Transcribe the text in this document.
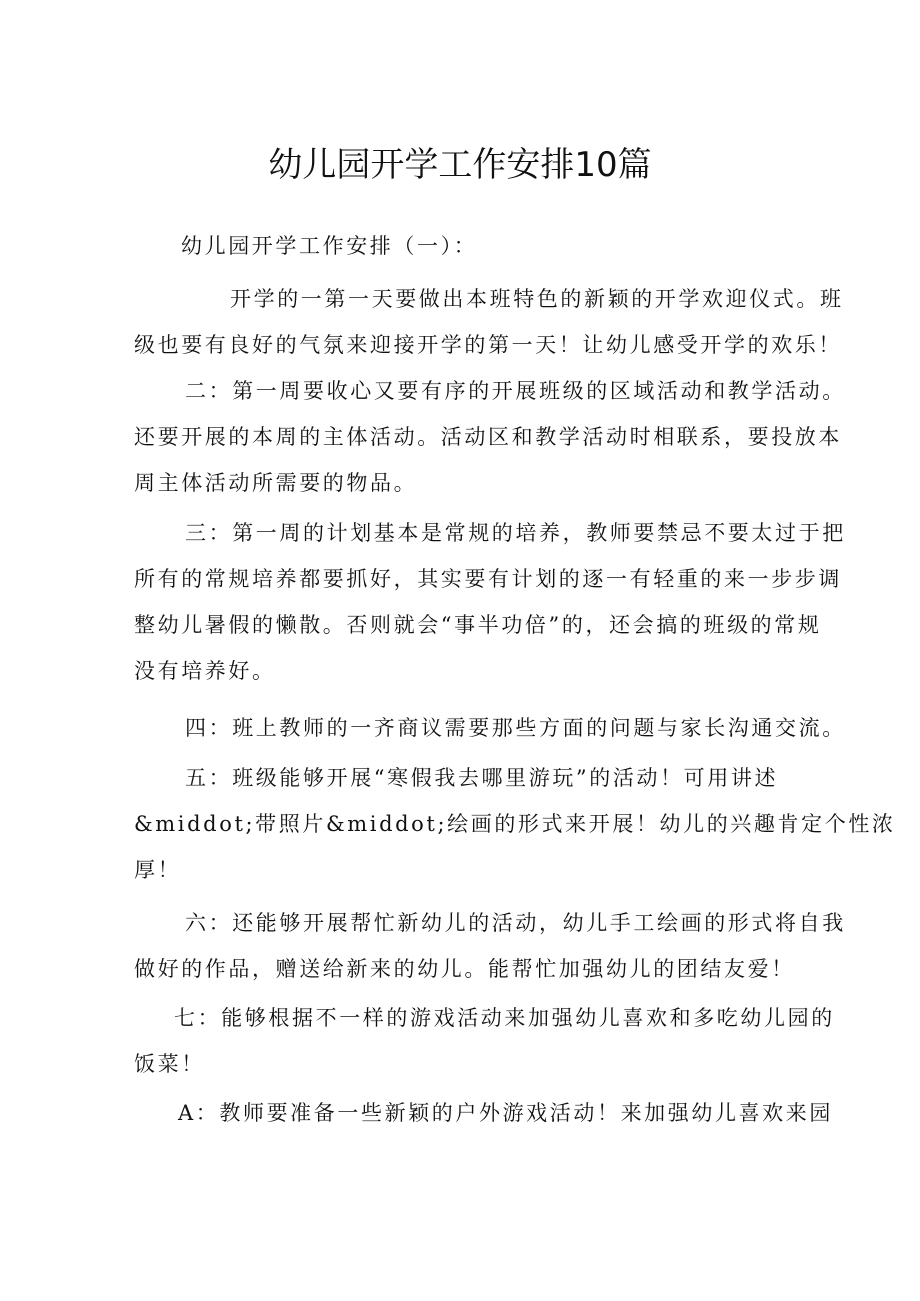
幼儿园开学工作安排10篇
幼儿园开学工作安排（一）：
开学的一第一天要做出本班特色的新颖的开学欢迎仪式。班
级也要有良好的气氛来迎接开学的第一天！让幼儿感受开学的欢乐！
二：第一周要收心又要有序的开展班级的区域活动和教学活动。
还要开展的本周的主体活动。活动区和教学活动时相联系，要投放本
周主体活动所需要的物品。
三：第一周的计划基本是常规的培养，教师要禁忌不要太过于把
所有的常规培养都要抓好，其实要有计划的逐一有轻重的来一步步调
整幼儿暑假的懒散。否则就会“事半功倍”的，还会搞的班级的常规
没有培养好。
四：班上教师的一齐商议需要那些方面的问题与家长沟通交流。
五：班级能够开展“寒假我去哪里游玩”的活动！可用讲述
&middot;带照片&middot;绘画的形式来开展！幼儿的兴趣肯定个性浓
厚！
六：还能够开展帮忙新幼儿的活动，幼儿手工绘画的形式将自我
做好的作品，赠送给新来的幼儿。能帮忙加强幼儿的团结友爱！
七：能够根据不一样的游戏活动来加强幼儿喜欢和多吃幼儿园的
饭菜！
A：教师要准备一些新颖的户外游戏活动！来加强幼儿喜欢来园
